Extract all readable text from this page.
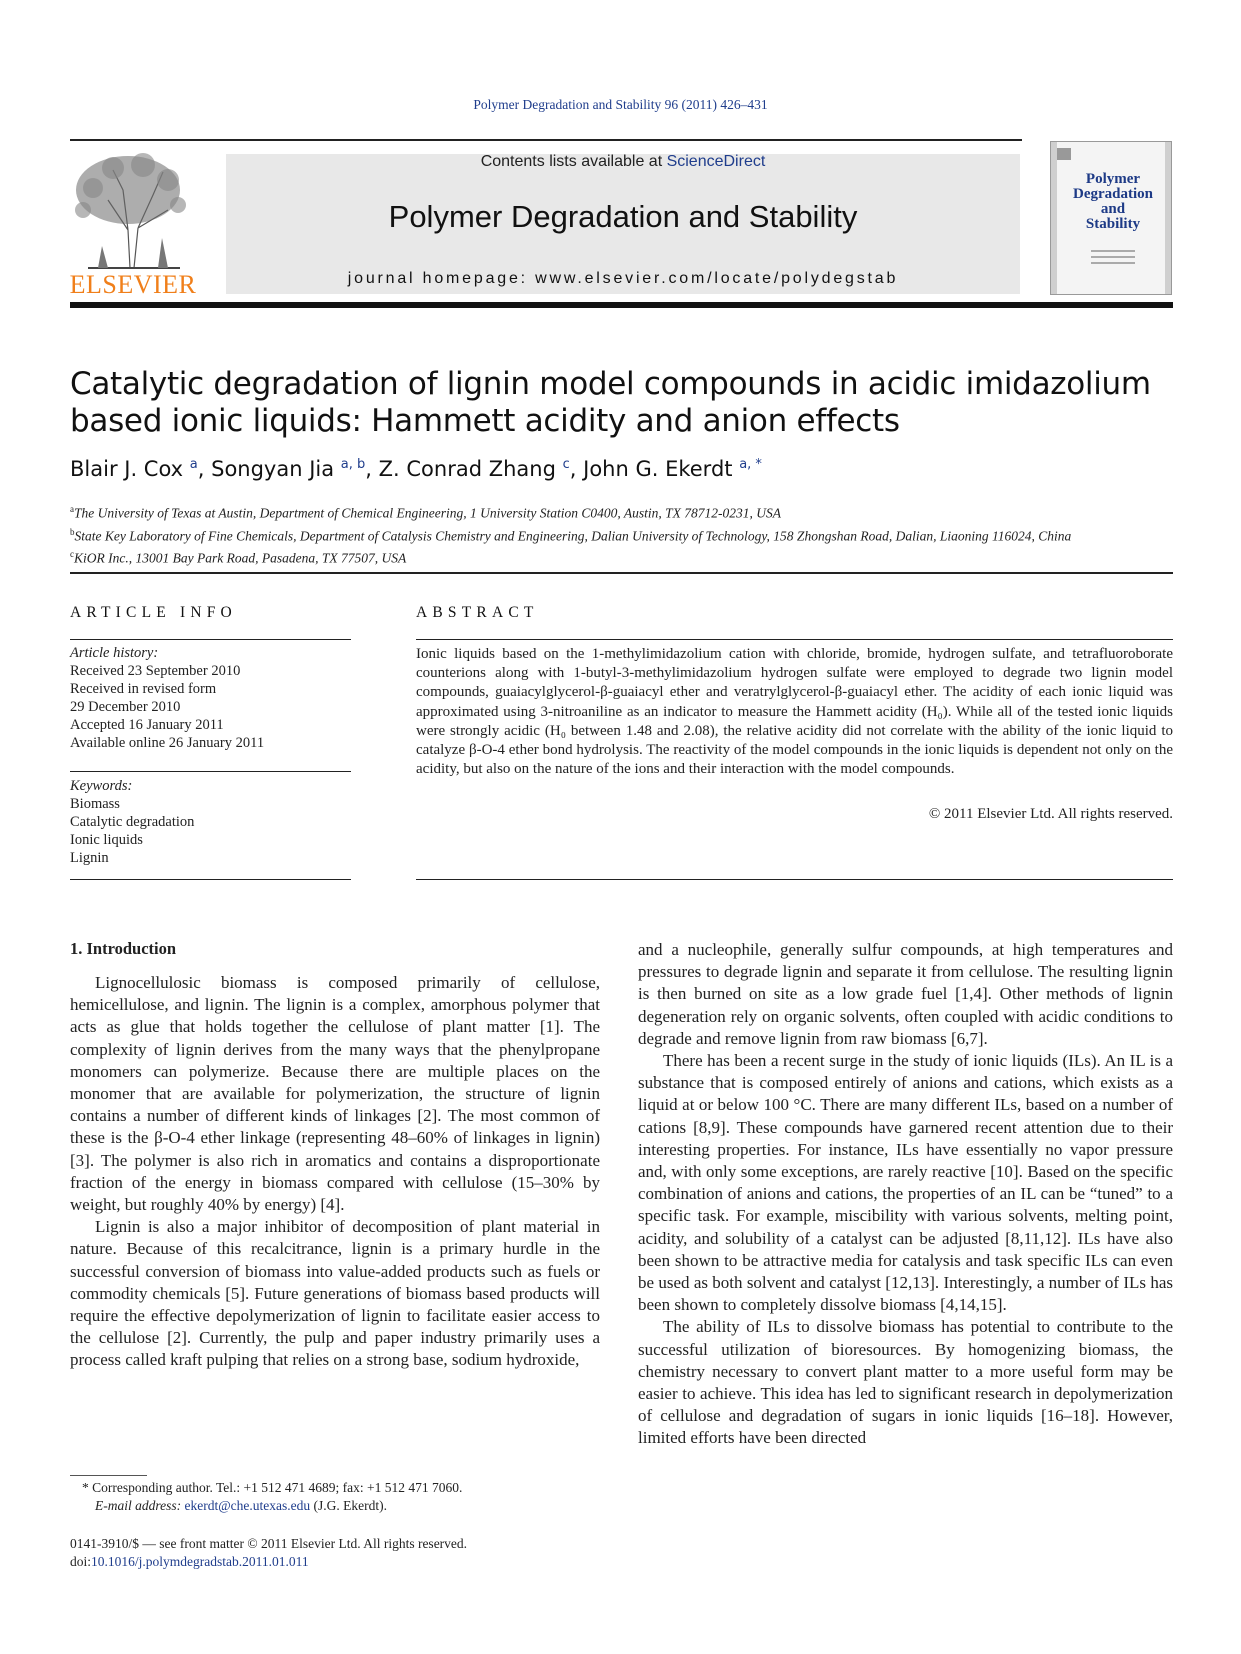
Polymer Degradation and Stability 96 (2011) 426–431
ELSEVIER
Contents lists available at ScienceDirect
Polymer Degradation and Stability
journal homepage: www.elsevier.com/locate/polydegstab
Polymer
Degradation
and
Stability
Catalytic degradation of lignin model compounds in acidic imidazolium based ionic liquids: Hammett acidity and anion effects
Blair J. Cox $^a$, Songyan Jia $^{a, b}$, Z. Conrad Zhang $^c$, John G. Ekerdt $^{a, *}$
$^a$The University of Texas at Austin, Department of Chemical Engineering, 1 University Station C0400, Austin, TX 78712-0231, USA
$^b$State Key Laboratory of Fine Chemicals, Department of Catalysis Chemistry and Engineering, Dalian University of Technology, 158 Zhongshan Road, Dalian, Liaoning 116024, China
$^c$KiOR Inc., 13001 Bay Park Road, Pasadena, TX 77507, USA
ARTICLE INFO
Article history:
Received 23 September 2010
Received in revised form
29 December 2010
Accepted 16 January 2011
Available online 26 January 2011
Keywords:
Biomass
Catalytic degradation
Ionic liquids
Lignin
ABSTRACT

Ionic liquids based on the 1-methylimidazolium cation with chloride, bromide, hydrogen sulfate, and tetrafluoroborate counterions along with 1-butyl-3-methylimidazolium hydrogen sulfate were employed to degrade two lignin model compounds, guaiacylglycerol-β-guaiacyl ether and veratrylglycerol-β-guaiacyl ether. The acidity of each ionic liquid was approximated using 3-nitroaniline as an indicator to measure the Hammett acidity (H₀). While all of the tested ionic liquids were strongly acidic (H₀ between 1.48 and 2.08), the relative acidity did not correlate with the ability of the ionic liquid to catalyze β-O-4 ether bond hydrolysis. The reactivity of the model compounds in the ionic liquids is dependent not only on the acidity, but also on the nature of the ions and their interaction with the model compounds.

© 2011 Elsevier Ltd. All rights reserved.
1. Introduction

Lignocellulosic biomass is composed primarily of cellulose, hemicellulose, and lignin. The lignin is a complex, amorphous polymer that acts as glue that holds together the cellulose of plant matter [1]. The complexity of lignin derives from the many ways that the phenylpropane monomers can polymerize. Because there are multiple places on the monomer that are available for polymerization, the structure of lignin contains a number of different kinds of linkages [2]. The most common of these is the β-O-4 ether linkage (representing 48–60% of linkages in lignin) [3]. The polymer is also rich in aromatics and contains a disproportionate fraction of the energy in biomass compared with cellulose (15–30% by weight, but roughly 40% by energy) [4].

Lignin is also a major inhibitor of decomposition of plant material in nature. Because of this recalcitrance, lignin is a primary hurdle in the successful conversion of biomass into value-added products such as fuels or commodity chemicals [5]. Future generations of biomass based products will require the effective depolymerization of lignin to facilitate easier access to the cellulose [2]. Currently, the pulp and paper industry primarily uses a process called kraft pulping that relies on a strong base, sodium hydroxide,

and a nucleophile, generally sulfur compounds, at high temperatures and pressures to degrade lignin and separate it from cellulose. The resulting lignin is then burned on site as a low grade fuel [1,4]. Other methods of lignin degeneration rely on organic solvents, often coupled with acidic conditions to degrade and remove lignin from raw biomass [6,7].

There has been a recent surge in the study of ionic liquids (ILs). An IL is a substance that is composed entirely of anions and cations, which exists as a liquid at or below 100 °C. There are many different ILs, based on a number of cations [8,9]. These compounds have garnered recent attention due to their interesting properties. For instance, ILs have essentially no vapor pressure and, with only some exceptions, are rarely reactive [10]. Based on the specific combination of anions and cations, the properties of an IL can be “tuned” to a specific task. For example, miscibility with various solvents, melting point, acidity, and solubility of a catalyst can be adjusted [8,11,12]. ILs have also been shown to be attractive media for catalysis and task specific ILs can even be used as both solvent and catalyst [12,13]. Interestingly, a number of ILs has been shown to completely dissolve biomass [4,14,15].

The ability of ILs to dissolve biomass has potential to contribute to the successful utilization of bioresources. By homogenizing biomass, the chemistry necessary to convert plant matter to a more useful form may be easier to achieve. This idea has led to significant research in depolymerization of cellulose and degradation of sugars in ionic liquids [16–18]. However, limited efforts have been directed

* Corresponding author. Tel.: +1 512 471 4689; fax: +1 512 471 7060.
E-mail address: ekerdt@che.utexas.edu (J.G. Ekerdt).
0141-3910/$ — see front matter © 2011 Elsevier Ltd. All rights reserved.
doi:10.1016/j.polymdegradstab.2011.01.011
